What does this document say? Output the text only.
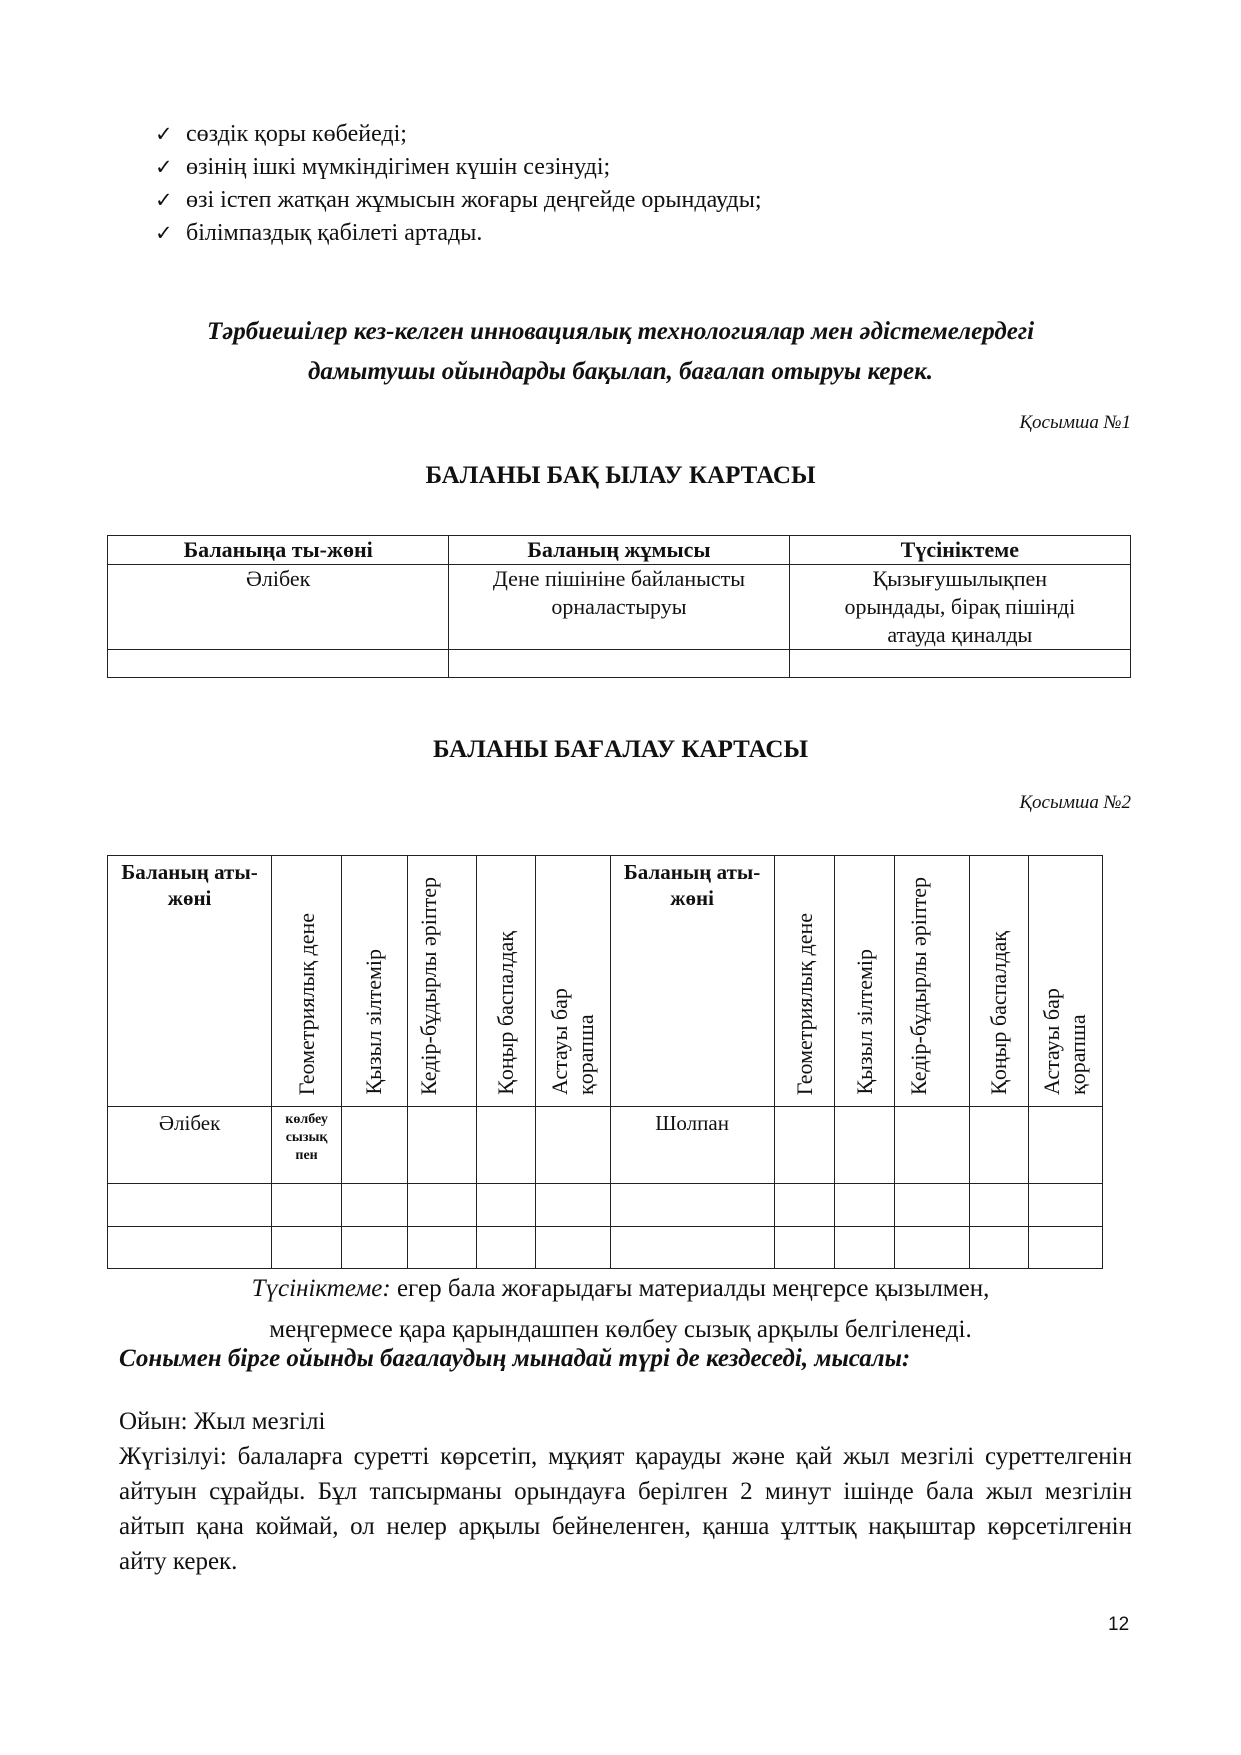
✓ сөздік қоры көбейеді;
✓ өзінің ішкі мүмкіндігімен күшін сезінуді;
✓ өзі істеп жатқан жұмысын жоғары деңгейде орындауды;
✓ білімпаздық қабілеті артады.
Тәрбиешілер кез-келген инновациялық технологиялар мен әдістемелердегі
дамытушы ойындарды бақылап, бағалап отыруы керек.
Қосымша №1
БАЛАНЫ БАҚ ЫЛАУ КАРТАСЫ
Баланыңа ты-жөні	Баланың жұмысы	Түсініктеме
Әлібек	Дене пішініне байланысты орналастыруы	Қызығушылықпен орындады, бірақ пішінді атауда қиналды

БАЛАНЫ БАҒАЛАУ КАРТАСЫ
Қосымша №2
Баланың аты-жөні	Геометриялық дене	Қызыл зілтемір	Кедір-бұдырлы әріптер	Қоңыр баспалдақ	Астауы бар қорапша	Баланың аты-жөні	Геометриялық дене	Қызыл зілтемір	Кедір-бұдырлы әріптер	Қоңыр баспалдақ	Астауы бар қорапша

Әлібек	көлбеу сызықпен					Шолпан					

Түсініктеме: егер бала жоғарыдағы материалды меңгерсе қызылмен,
меңгермесе қара қарындашпен көлбеу сызық арқылы белгіленеді.
Сонымен бірге ойынды бағалаудың мынадай түрі де кездеседі, мысалы:
Ойын: Жыл мезгілі
Жүгізілуі: балаларға суретті көрсетіп, мұқият қарауды және қай жыл мезгілі суреттелгенін айтуын сұрайды. Бұл тапсырманы орындауға берілген 2 минут ішінде бала жыл мезгілін айтып қана коймай, ол нелер арқылы бейнеленген, қанша ұлттық нақыштар көрсетілгенін айту керек.
12
